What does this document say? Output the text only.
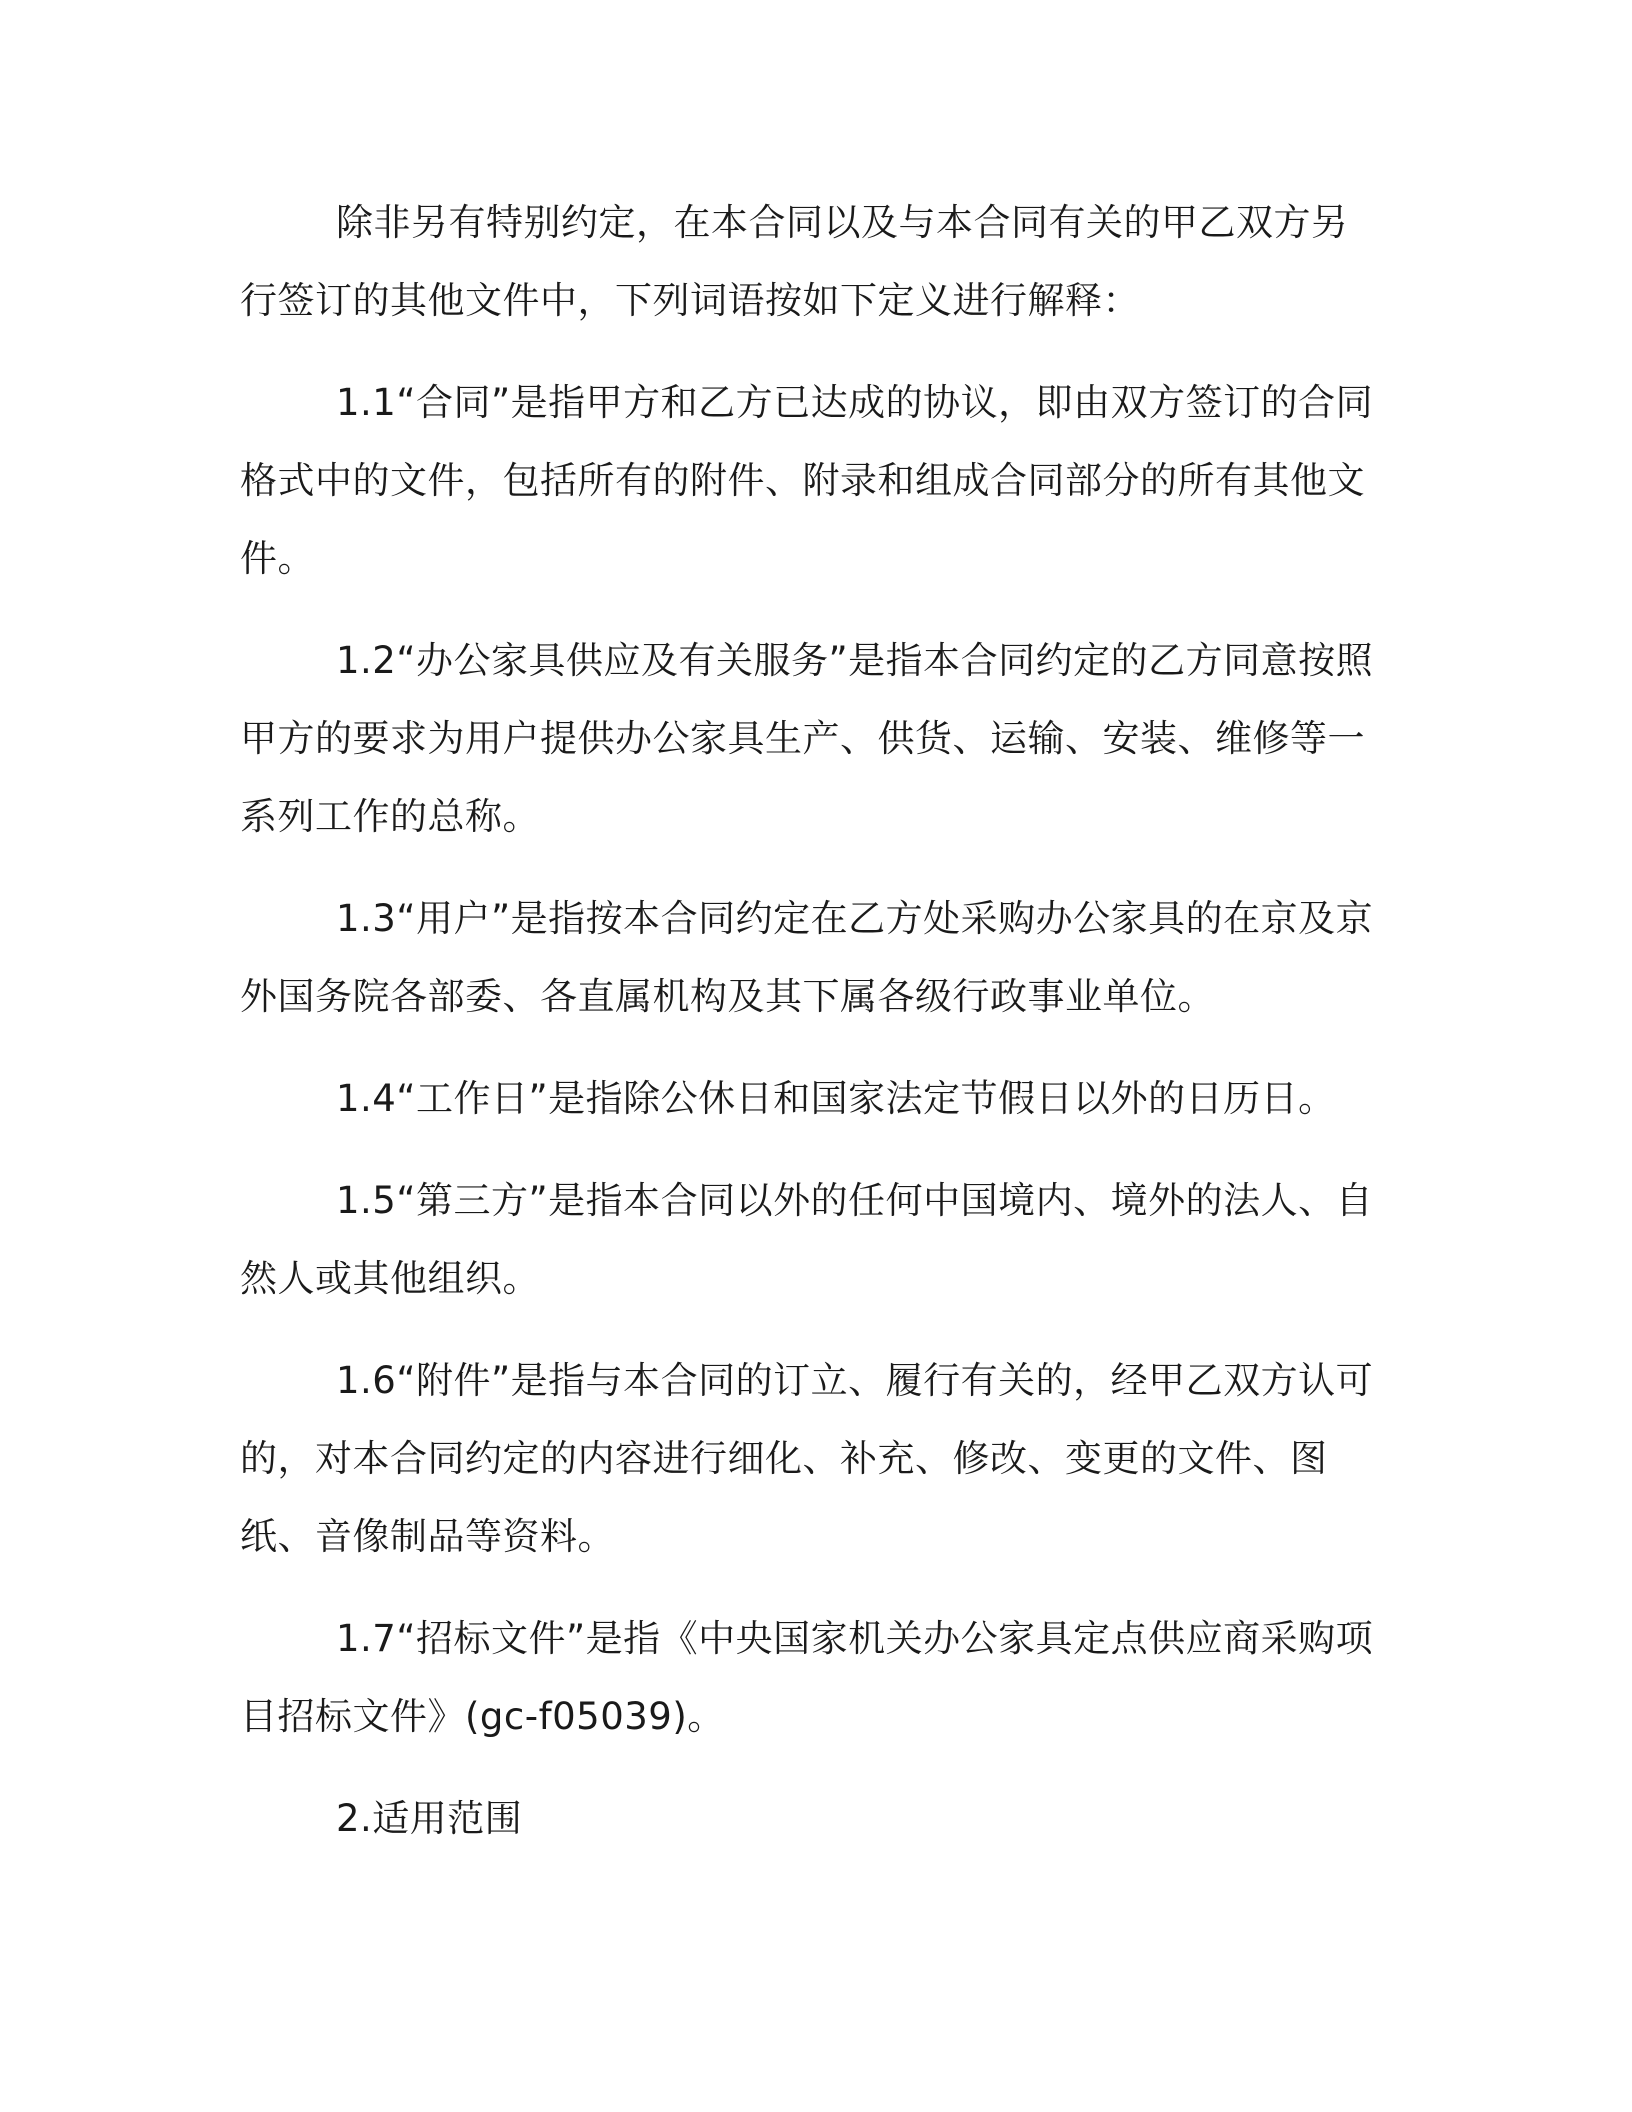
除非另有特别约定，在本合同以及与本合同有关的甲乙双方另行签订的其他文件中，下列词语按如下定义进行解释：

1.1“合同”是指甲方和乙方已达成的协议，即由双方签订的合同格式中的文件，包括所有的附件、附录和组成合同部分的所有其他文件。

1.2“办公家具供应及有关服务”是指本合同约定的乙方同意按照甲方的要求为用户提供办公家具生产、供货、运输、安装、维修等一系列工作的总称。

1.3“用户”是指按本合同约定在乙方处采购办公家具的在京及京外国务院各部委、各直属机构及其下属各级行政事业单位。

1.4“工作日”是指除公休日和国家法定节假日以外的日历日。

1.5“第三方”是指本合同以外的任何中国境内、境外的法人、自然人或其他组织。

1.6“附件”是指与本合同的订立、履行有关的，经甲乙双方认可的，对本合同约定的内容进行细化、补充、修改、变更的文件、图纸、音像制品等资料。

1.7“招标文件”是指《中央国家机关办公家具定点供应商采购项目招标文件》(gc-f05039)。

2.适用范围
